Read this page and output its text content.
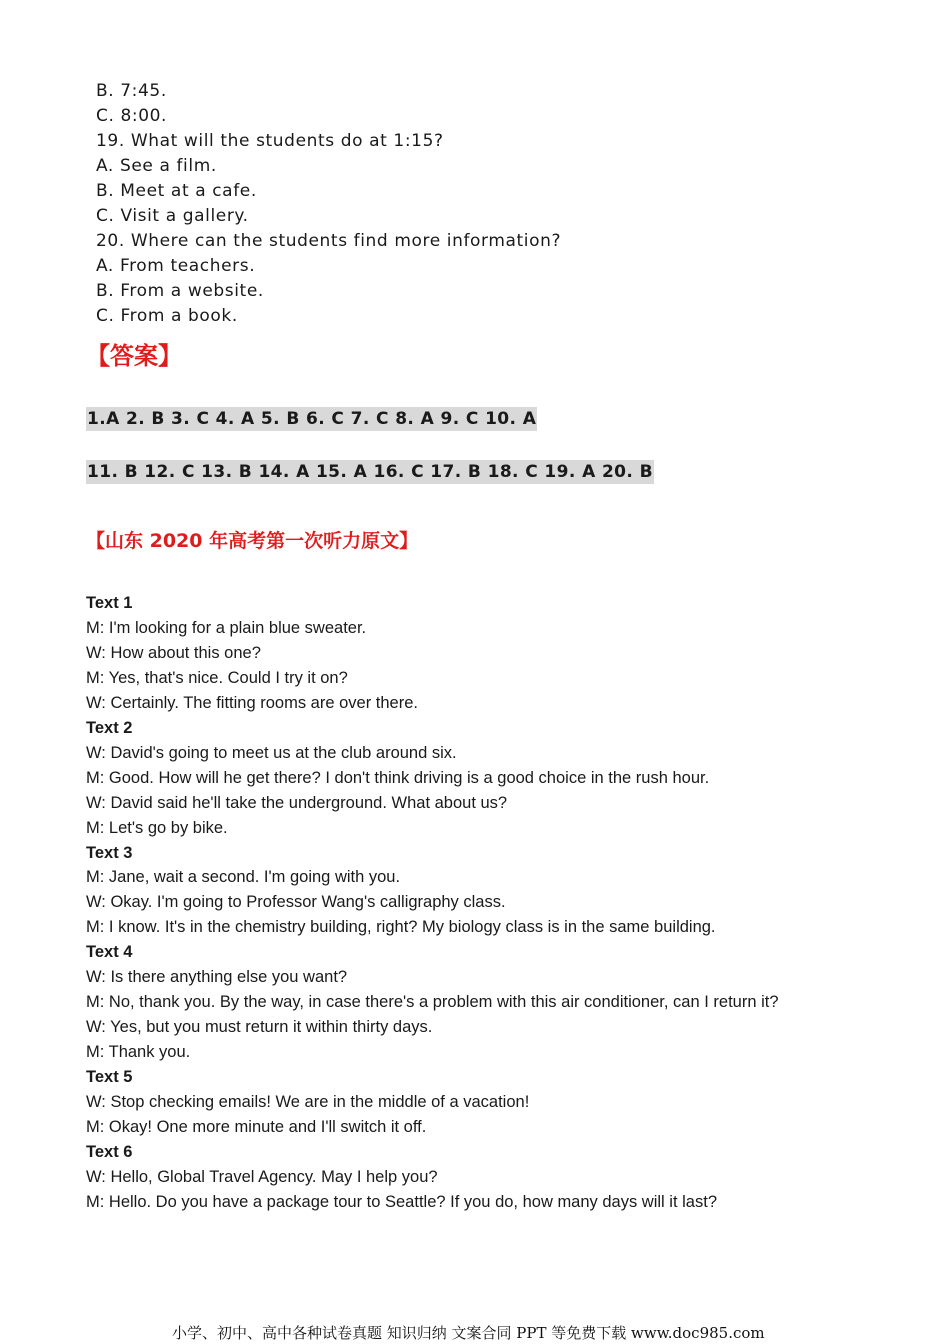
B. 7:45.
C. 8:00.
19. What will the students do at 1:15?
A. See a film.
B. Meet at a cafe.
C. Visit a gallery.
20. Where can the students find more information?
A. From teachers.
B. From a website.
C. From a book.
【答案】
1.A 2. B 3. C 4. A 5. B 6. C 7. C 8. A 9. C 10. A
11. B 12. C 13. B 14. A 15. A 16. C 17. B 18. C 19. A 20. B
【山东 2020 年高考第一次听力原文】
Text 1
M: I'm looking for a plain blue sweater.
W: How about this one?
M: Yes, that's nice. Could I try it on?
W: Certainly. The fitting rooms are over there.
Text 2
W: David's going to meet us at the club around six.
M: Good. How will he get there? I don't think driving is a good choice in the rush hour.
W: David said he'll take the underground. What about us?
M: Let's go by bike.
Text 3
M: Jane, wait a second. I'm going with you.
W: Okay. I'm going to Professor Wang's calligraphy class.
M: I know. It's in the chemistry building, right? My biology class is in the same building.
Text 4
W: Is there anything else you want?
M: No, thank you. By the way, in case there's a problem with this air conditioner, can I return it?
W: Yes, but you must return it within thirty days.
M: Thank you.
Text 5
W: Stop checking emails! We are in the middle of a vacation!
M: Okay! One more minute and I'll switch it off.
Text 6
W: Hello, Global Travel Agency. May I help you?
M: Hello. Do you have a package tour to Seattle? If you do, how many days will it last?
小学、初中、高中各种试卷真题 知识归纳 文案合同 PPT 等免费下载 www.doc985.com
